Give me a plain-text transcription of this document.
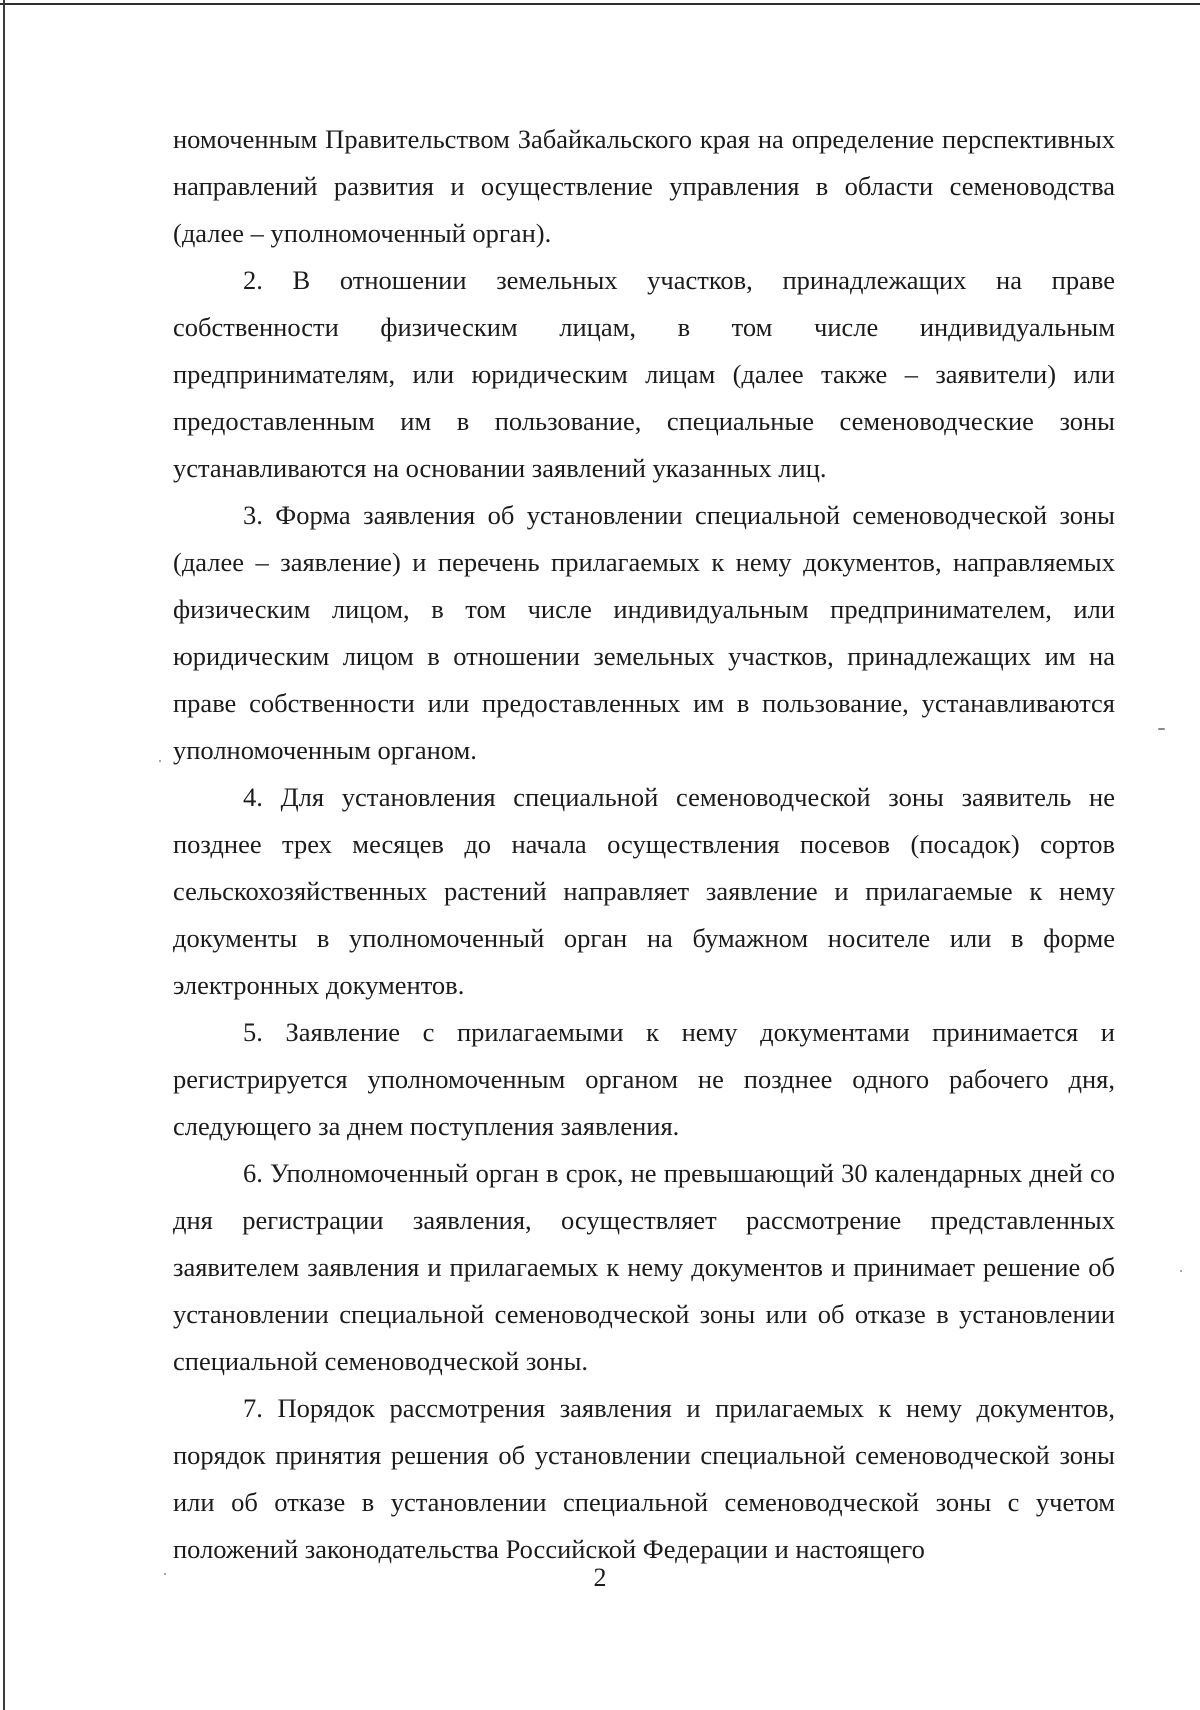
номоченным Правительством Забайкальского края на определение перспективных направлений развития и осуществление управления в области семеноводства (далее – уполномоченный орган).

2. В отношении земельных участков, принадлежащих на праве собственности физическим лицам, в том числе индивидуальным предпринимателям, или юридическим лицам (далее также – заявители) или предоставленным им в пользование, специальные семеноводческие зоны устанавливаются на основании заявлений указанных лиц.

3. Форма заявления об установлении специальной семеноводческой зоны (далее – заявление) и перечень прилагаемых к нему документов, направляемых физическим лицом, в том числе индивидуальным предпринимателем, или юридическим лицом в отношении земельных участков, принадлежащих им на праве собственности или предоставленных им в пользование, устанавливаются уполномоченным органом.

4. Для установления специальной семеноводческой зоны заявитель не позднее трех месяцев до начала осуществления посевов (посадок) сортов сельскохозяйственных растений направляет заявление и прилагаемые к нему документы в уполномоченный орган на бумажном носителе или в форме электронных документов.

5. Заявление с прилагаемыми к нему документами принимается и регистрируется уполномоченным органом не позднее одного рабочего дня, следующего за днем поступления заявления.

6. Уполномоченный орган в срок, не превышающий 30 календарных дней со дня регистрации заявления, осуществляет рассмотрение представленных заявителем заявления и прилагаемых к нему документов и принимает решение об установлении специальной семеноводческой зоны или об отказе в установлении специальной семеноводческой зоны.

7. Порядок рассмотрения заявления и прилагаемых к нему документов, порядок принятия решения об установлении специальной семеноводческой зоны или об отказе в установлении специальной семеноводческой зоны с учетом положений законодательства Российской Федерации и настоящего

2
